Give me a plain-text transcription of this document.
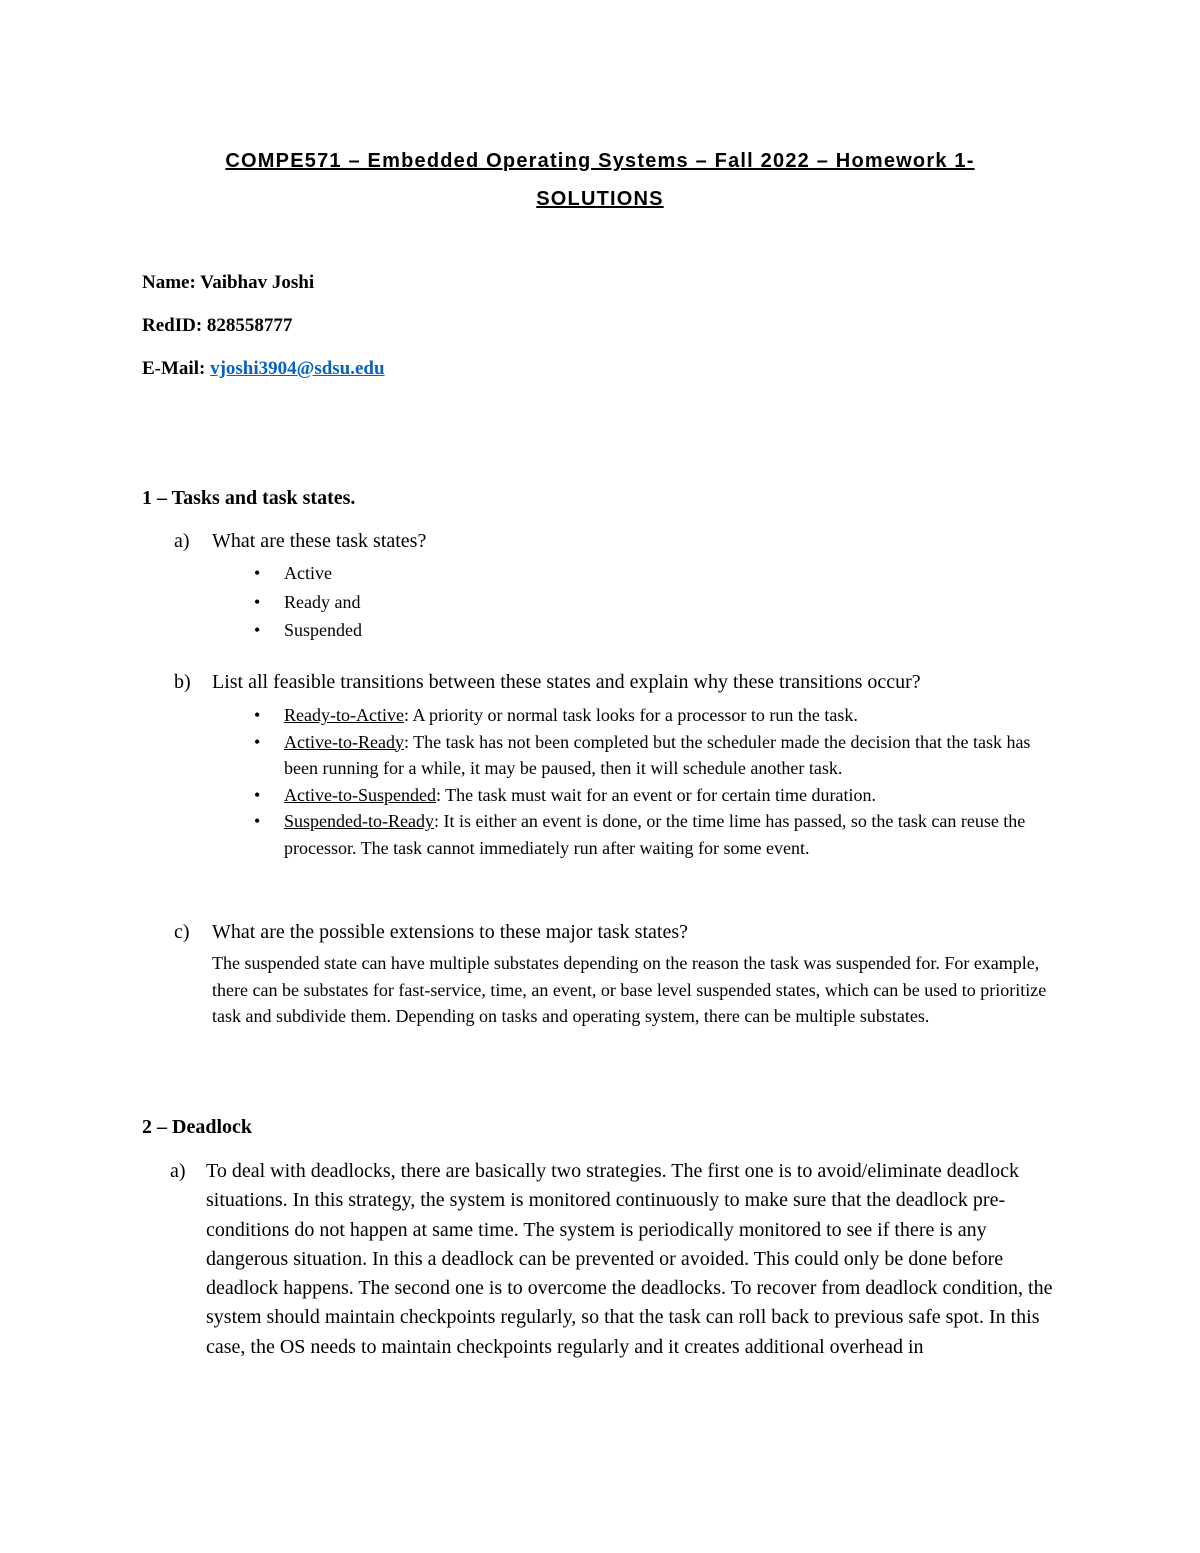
COMPE571 – Embedded Operating Systems – Fall 2022 – Homework 1-
SOLUTIONS
Name: Vaibhav Joshi
RedID: 828558777
E-Mail: vjoshi3904@sdsu.edu
1 – Tasks and task states.
a) What are these task states?
• Active
• Ready and
• Suspended
b) List all feasible transitions between these states and explain why these transitions occur?
• Ready-to-Active: A priority or normal task looks for a processor to run the task.
• Active-to-Ready: The task has not been completed but the scheduler made the decision that the task has been running for a while, it may be paused, then it will schedule another task.
• Active-to-Suspended: The task must wait for an event or for certain time duration.
• Suspended-to-Ready: It is either an event is done, or the time lime has passed, so the task can reuse the processor. The task cannot immediately run after waiting for some event.
c) What are the possible extensions to these major task states?
The suspended state can have multiple substates depending on the reason the task was suspended for. For example, there can be substates for fast-service, time, an event, or base level suspended states, which can be used to prioritize task and subdivide them. Depending on tasks and operating system, there can be multiple substates.
2 – Deadlock
a) To deal with deadlocks, there are basically two strategies. The first one is to avoid/eliminate deadlock situations. In this strategy, the system is monitored continuously to make sure that the deadlock pre-conditions do not happen at same time. The system is periodically monitored to see if there is any dangerous situation. In this a deadlock can be prevented or avoided. This could only be done before deadlock happens. The second one is to overcome the deadlocks. To recover from deadlock condition, the system should maintain checkpoints regularly, so that the task can roll back to previous safe spot. In this case, the OS needs to maintain checkpoints regularly and it creates additional overhead in
